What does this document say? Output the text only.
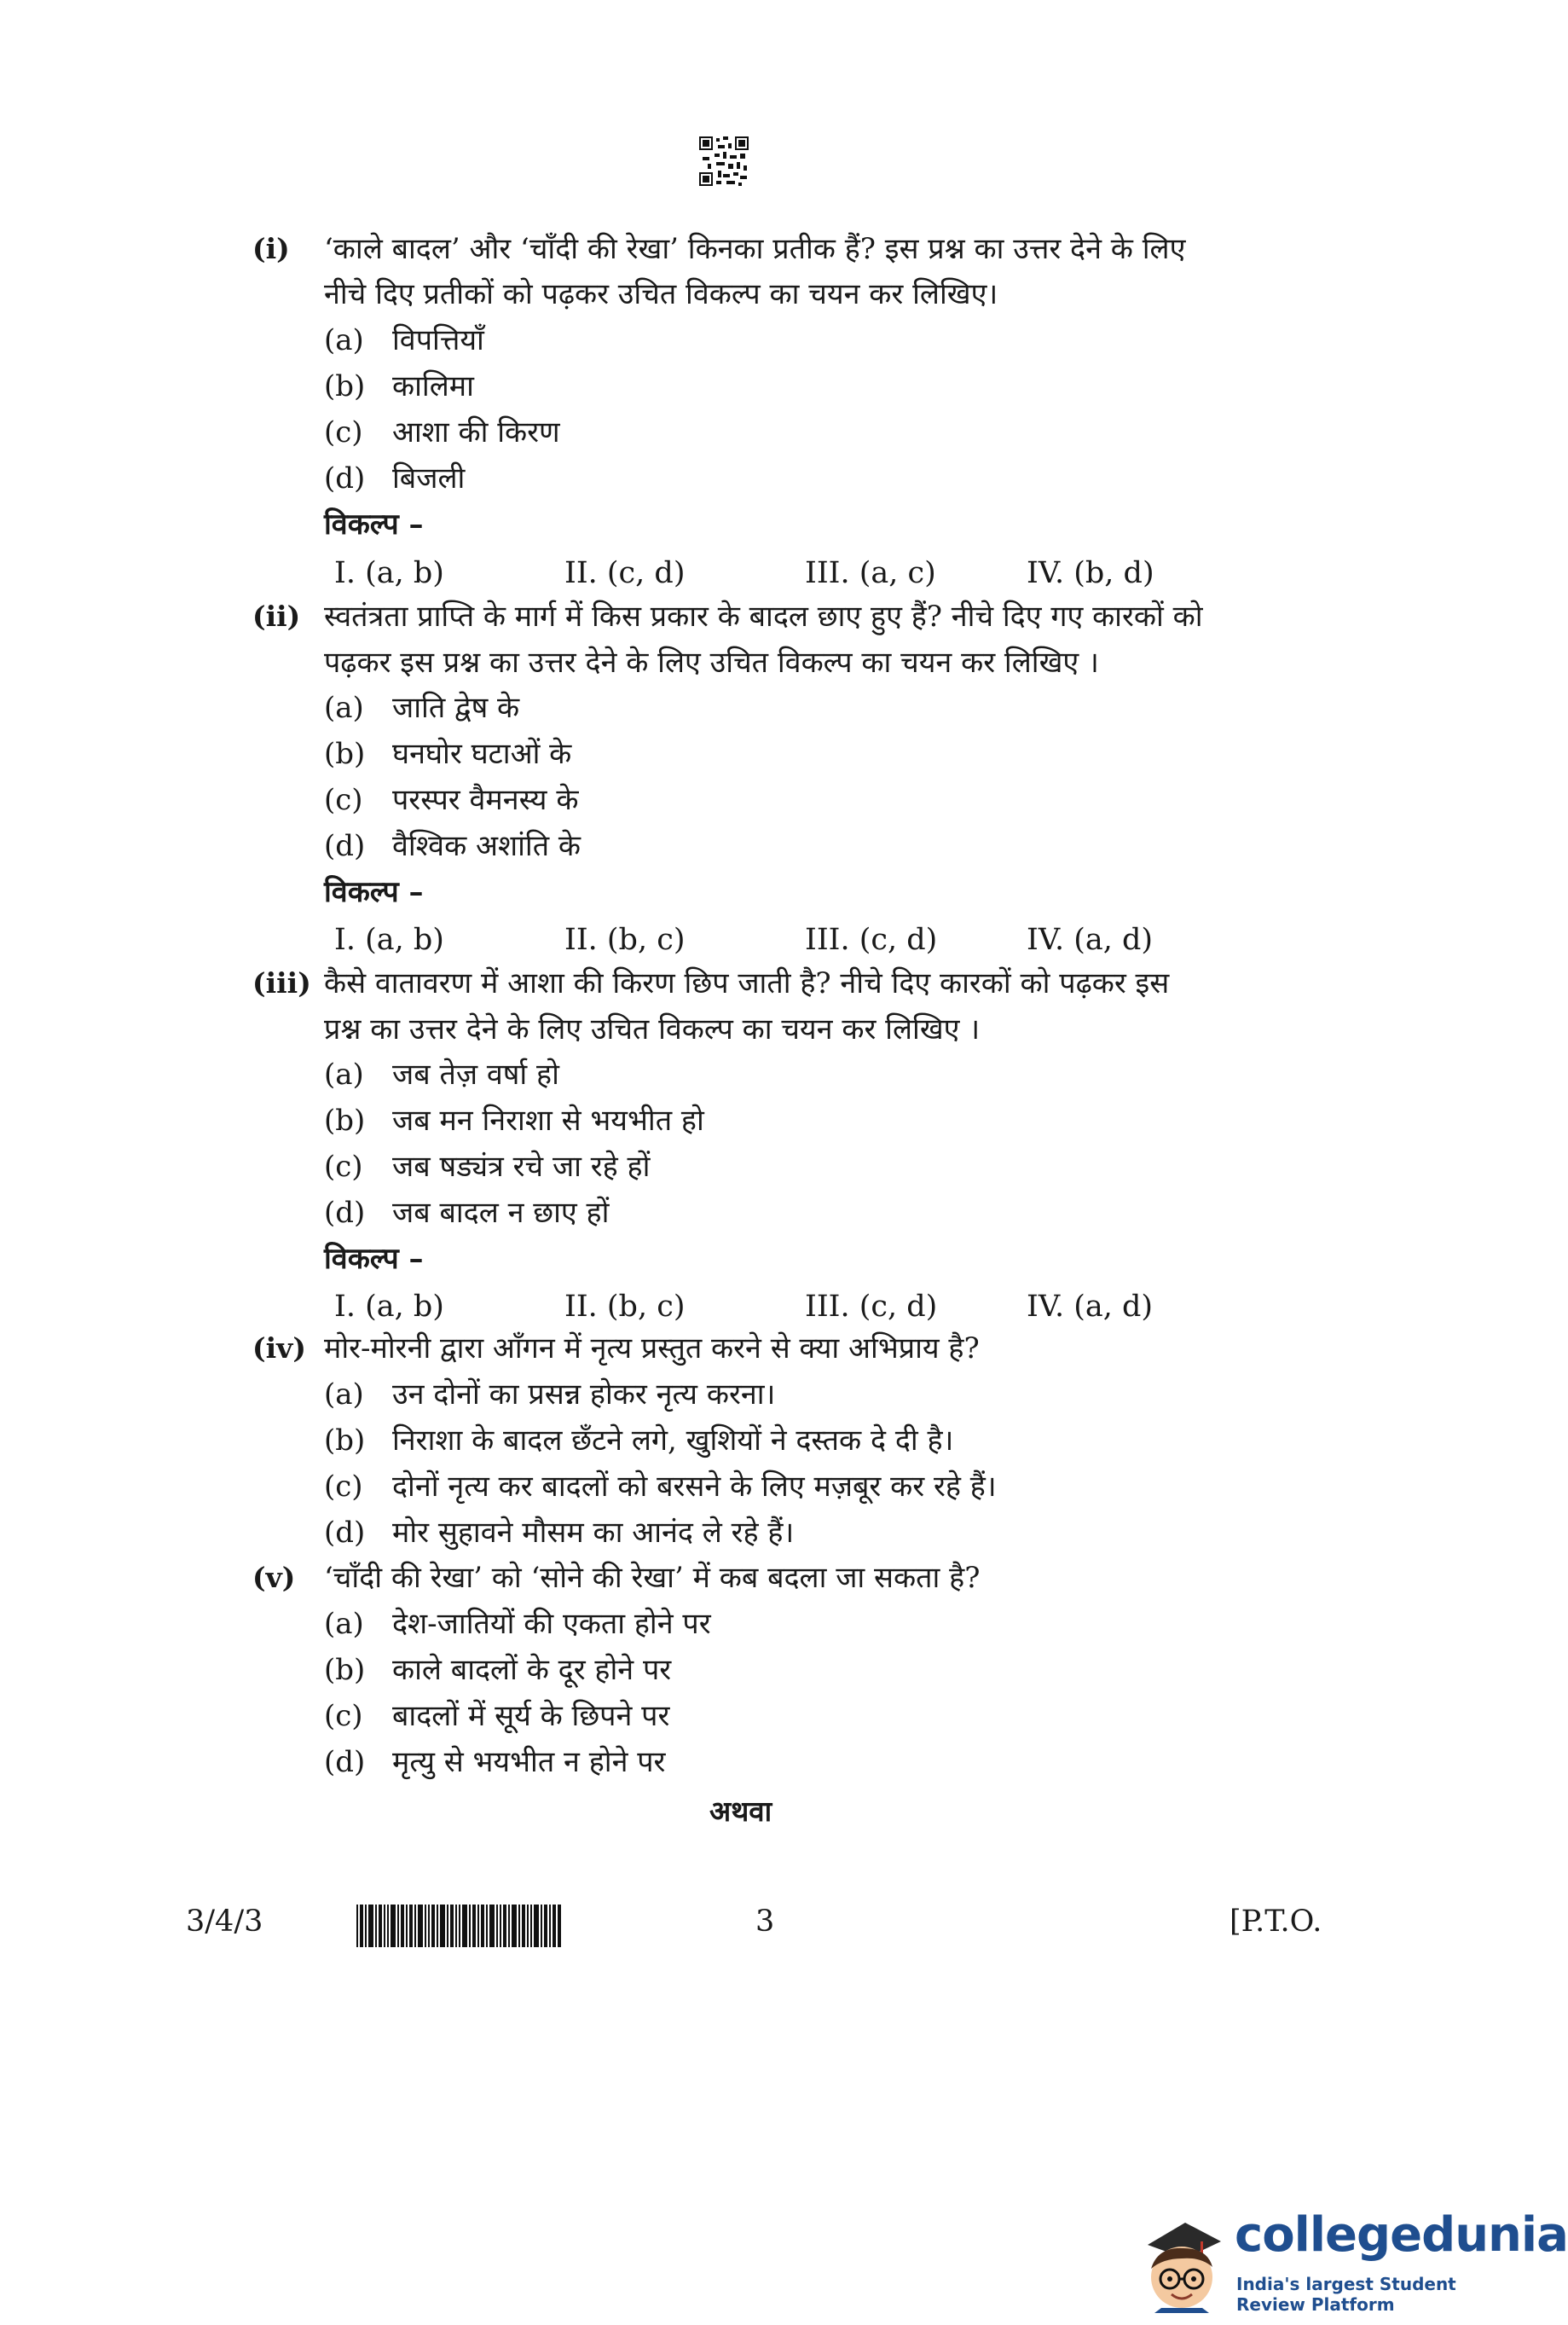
(i) ‘काले बादल’ और ‘चाँदी की रेखा’ किनका प्रतीक हैं? इस प्रश्न का उत्तर देने के लिए
नीचे दिए प्रतीकों को पढ़कर उचित विकल्प का चयन कर लिखिए।
(a) विपत्तियाँ
(b) कालिमा
(c) आशा की किरण
(d) बिजली
विकल्प –
I. (a, b)	II. (c, d)	III. (a, c)	IV. (b, d)
(ii) स्वतंत्रता प्राप्ति के मार्ग में किस प्रकार के बादल छाए हुए हैं? नीचे दिए गए कारकों को
पढ़कर इस प्रश्न का उत्तर देने के लिए उचित विकल्प का चयन कर लिखिए ।
(a) जाति द्वेष के
(b) घनघोर घटाओं के
(c) परस्पर वैमनस्य के
(d) वैश्विक अशांति के
विकल्प –
I. (a, b)	II. (b, c)	III. (c, d)	IV. (a, d)
(iii) कैसे वातावरण में आशा की किरण छिप जाती है? नीचे दिए कारकों को पढ़कर इस
प्रश्न का उत्तर देने के लिए उचित विकल्प का चयन कर लिखिए ।
(a) जब तेज़ वर्षा हो
(b) जब मन निराशा से भयभीत हो
(c) जब षड्यंत्र रचे जा रहे हों
(d) जब बादल न छाए हों
विकल्प –
I. (a, b)	II. (b, c)	III. (c, d)	IV. (a, d)
(iv) मोर-मोरनी द्वारा आँगन में नृत्य प्रस्तुत करने से क्या अभिप्राय है?
(a) उन दोनों का प्रसन्न होकर नृत्य करना।
(b) निराशा के बादल छँटने लगे, खुशियों ने दस्तक दे दी है।
(c) दोनों नृत्य कर बादलों को बरसने के लिए मज़बूर कर रहे हैं।
(d) मोर सुहावने मौसम का आनंद ले रहे हैं।
(v) ‘चाँदी की रेखा’ को ‘सोने की रेखा’ में कब बदला जा सकता है?
(a) देश-जातियों की एकता होने पर
(b) काले बादलों के दूर होने पर
(c) बादलों में सूर्य के छिपने पर
(d) मृत्यु से भयभीत न होने पर
अथवा
3/4/3	3	[P.T.O.
collegedunia
India's largest Student Review Platform
